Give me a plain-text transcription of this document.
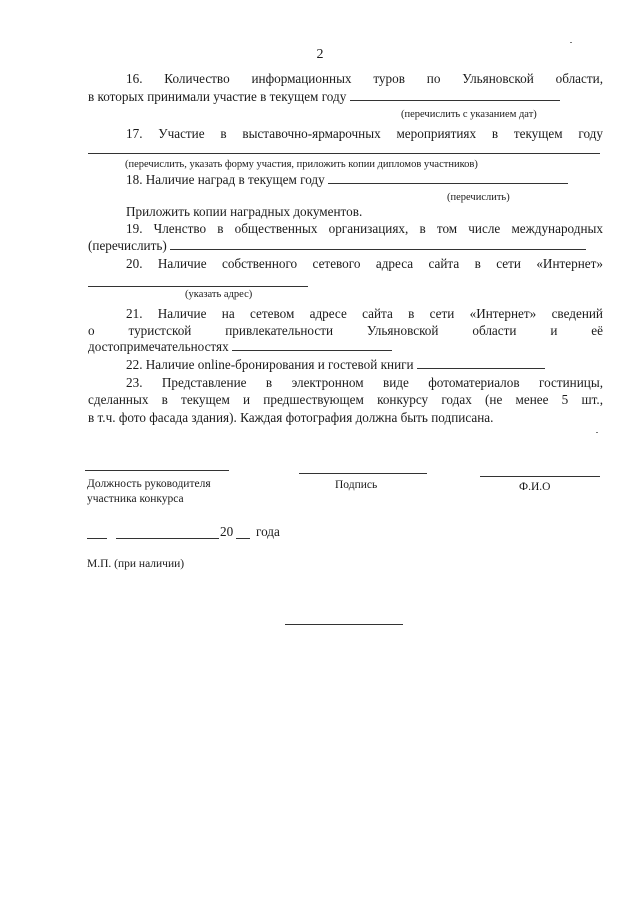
2
16. Количество информационных туров по Ульяновской области,
в которых принимали участие в текущем году
(перечислить с указанием дат)
17. Участие в выставочно-ярмарочных мероприятиях в текущем году
(перечислить, указать форму участия, приложить копии дипломов участников)
18. Наличие наград в текущем году
(перечислить)
Приложить копии наградных документов.
19. Членство в общественных организациях, в том числе международных
(перечислить)
20. Наличие собственного сетевого адреса сайта в сети «Интернет»
(указать адрес)
21. Наличие на сетевом адресе сайта в сети «Интернет» сведений
о туристской привлекательности Ульяновской области и её
достопримечательностях
22. Наличие online-бронирования и гостевой книги
23. Представление в электронном виде фотоматериалов гостиницы,
сделанных в текущем и предшествующем конкурсу годах (не менее 5 шт.,
в т.ч. фото фасада здания). Каждая фотография должна быть подписана.
Должность руководителя
участника конкурса
Подпись	Ф.И.О
20 года
М.П. (при наличии)
